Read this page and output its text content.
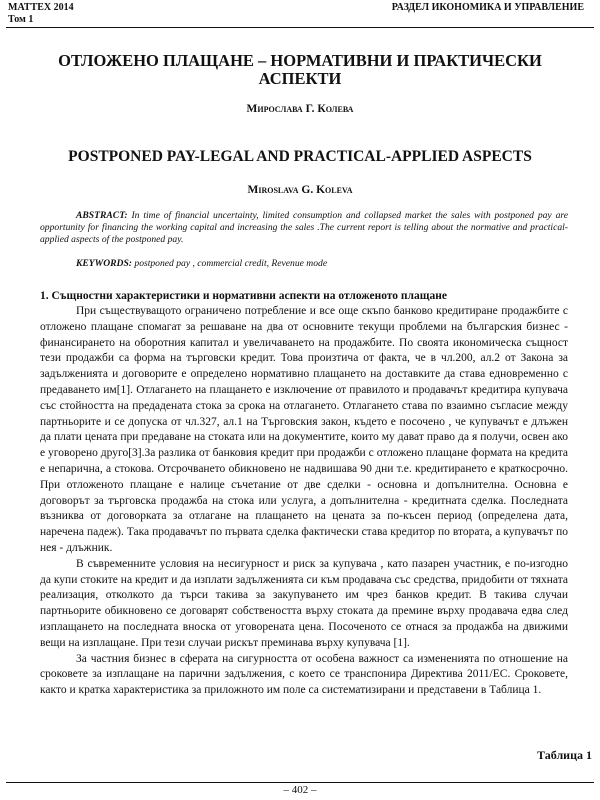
MATTEX 2014
Том 1
РАЗДЕЛ ИКОНОМИКА И УПРАВЛЕНИЕ
ОТЛОЖЕНО ПЛАЩАНЕ – НОРМАТИВНИ И ПРАКТИЧЕСКИ АСПЕКТИ
Мирослава Г. Колева
POSTPONED PAY-LEGAL AND PRACTICAL-APPLIED ASPECTS
Miroslava G. Koleva

ABSTRACT: In time of financial uncertainty, limited consumption and collapsed market the sales with postponed pay are opportunity for financing the working capital and increasing the sales .The current report is telling about the normative and practical-applied aspects of the postponed pay.

KEYWORDS: postponed pay , commercial credit, Revenue mode

1. Същностни характеристики и нормативни аспекти на отложеното плащане

При съществуващото ограничено потребление и все още скъпо банково кредитиране продажбите с отложено плащане спомагат за решаване на два от основните текущи проблеми на българския бизнес - финансирането на оборотния капитал и увеличаването на продажбите. По своята икономическа същност тези продажби са форма на търговски кредит. Това произтича от факта, че в чл.200, ал.2 от Закона за задълженията и договорите е определено нормативно плащането на доставките да става едновременно с предаването им[1]. Отлагането на плащането е изключение от правилото и продавачът кредитира купувача със стойността на предадената стока за срока на отлагането. Отлагането става по взаимно съгласие между партньорите и се допуска от чл.327, ал.1 на Търговския закон, където е посочено , че купувачът е длъжен да плати цената при предаване на стоката или на документите, които му дават право да я получи, освен ако е уговорено друго[3].За разлика от банковия кредит при продажби с отложено плащане формата на кредита е непарична, а стокова. Отсрочването обикновено не надвишава 90 дни т.е. кредитирането е краткосрочно. При отложеното плащане е налице съчетание от две сделки - основна и допълнителна. Основна е договорът за търговска продажба на стока или услуга, а допълнителна - кредитната сделка. Последната възниква от договорката за отлагане на плащането на цената за по-късен период (определена дата, наречена падеж). Така продавачът по първата сделка фактически става кредитор по втората, а купувачът по нея - длъжник.

В съвременните условия на несигурност и риск за купувача , като пазарен участник, е по-изгодно да купи стоките на кредит и да изплати задълженията си към продавача със средства, придобити от тяхната реализация, отколкото да търси такива за закупуването им чрез банков кредит. В такива случаи партньорите обикновено се договарят собствеността върху стоката да премине върху продавача едва след изплащането на последната вноска от уговорената цена. Посоченото се отнася за продажба на движими вещи на изплащане. При тези случаи рискът преминава върху купувача [1].

За частния бизнес в сферата на сигурността от особена важност са измененията по отношение на сроковете за изплащане на парични задължения, с което се транспонира Директива 2011/ЕС. Сроковете, както и кратка характеристика за приложното им поле са систематизирани и представени в Таблица 1.

Таблица 1
– 402 –
